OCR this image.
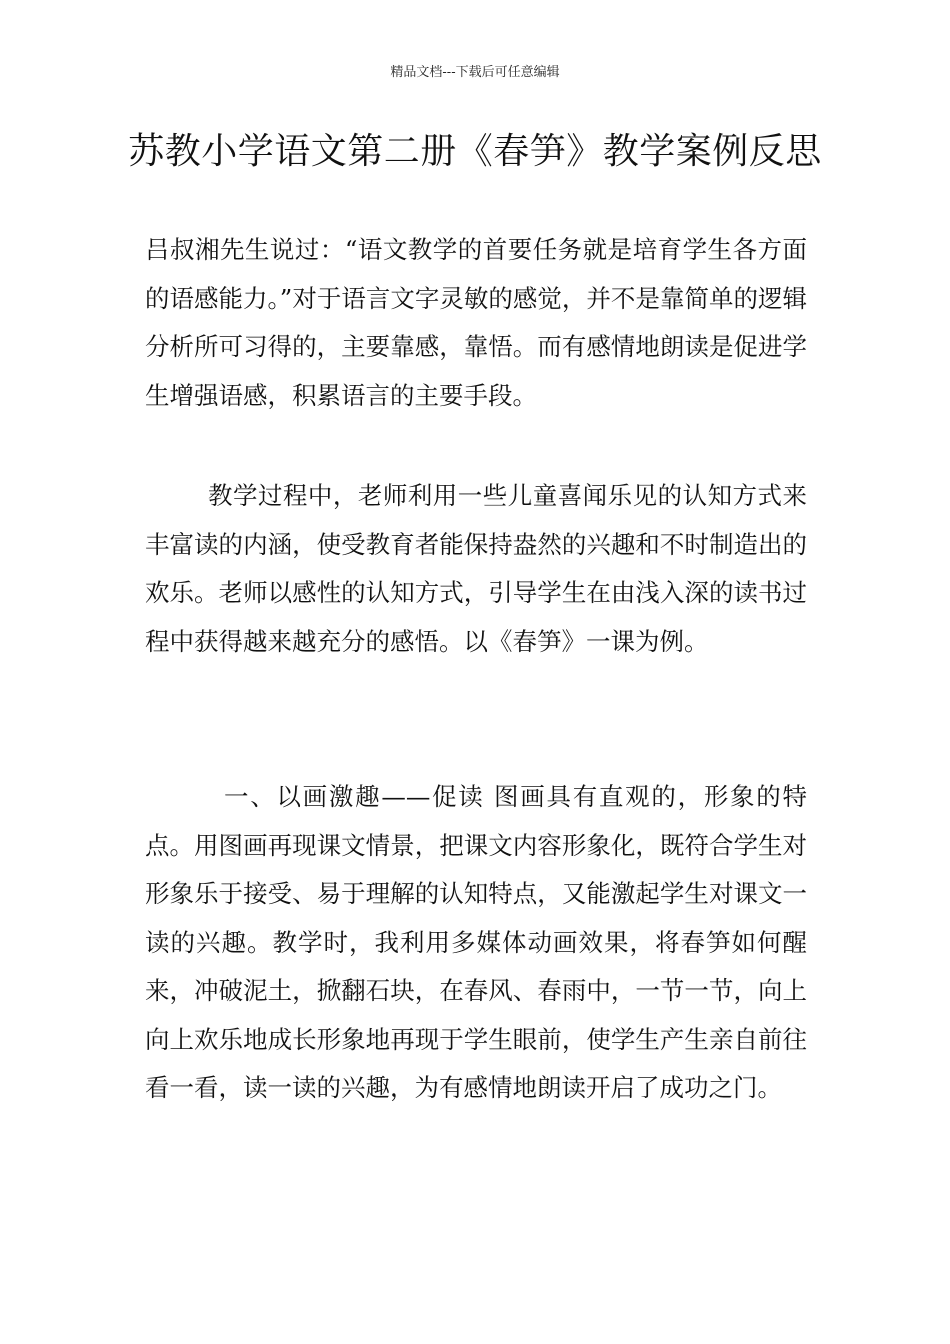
精品文档---下载后可任意编辑
苏教小学语文第二册《春笋》教学案例反思

吕叔湘先生说过：“语文教学的首要任务就是培育学生各方面的语感能力。”对于语言文字灵敏的感觉，并不是靠简单的逻辑分析所可习得的，主要靠感，靠悟。而有感情地朗读是促进学生增强语感，积累语言的主要手段。

教学过程中，老师利用一些儿童喜闻乐见的认知方式来丰富读的内涵，使受教育者能保持盎然的兴趣和不时制造出的欢乐。老师以感性的认知方式，引导学生在由浅入深的读书过程中获得越来越充分的感悟。以《春笋》一课为例。

一、以画激趣——促读 图画具有直观的，形象的特点。用图画再现课文情景，把课文内容形象化，既符合学生对形象乐于接受、易于理解的认知特点，又能激起学生对课文一读的兴趣。教学时，我利用多媒体动画效果，将春笋如何醒来，冲破泥土，掀翻石块，在春风、春雨中，一节一节，向上向上欢乐地成长形象地再现于学生眼前，使学生产生亲自前往看一看，读一读的兴趣，为有感情地朗读开启了成功之门。
